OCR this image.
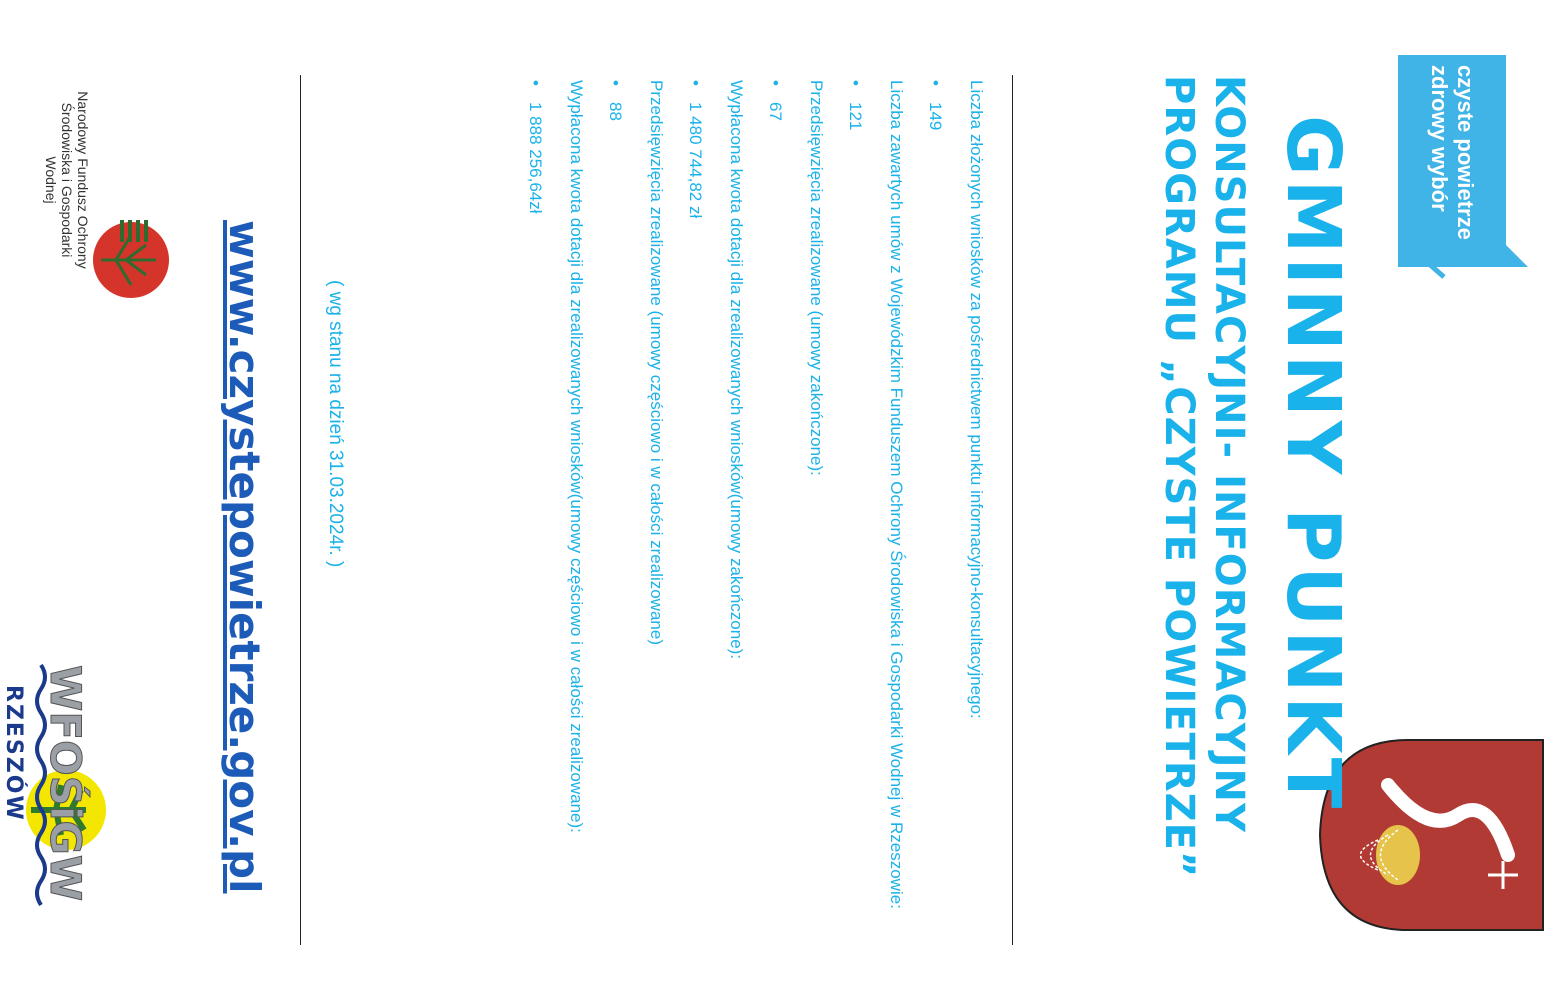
czyste powietrze
zdrowy wybór
GMINNY PUNKT
KONSULTACYJNI- INFORMACYJNY
PROGRAMU „CZYSTE POWIETRZE”
Liczba złożonych wniosków za pośrednictwem punktu informacyjno-konsultacyjnego:
• 149
Liczba zawartych umów z Wojewódzkim Funduszem Ochrony Środowiska i Gospodarki Wodnej w Rzeszowie:
• 121
Przedsięwzięcia zrealizowane (umowy zakończone):
• 67
Wypłacona kwota dotacji dla zrealizowanych wniosków(umowy zakończone):
• 1 480 744,82 zł
Przedsięwzięcia zrealizowane (umowy częściowo i w całości zrealizowane)
• 88
Wypłacona kwota dotacji dla zrealizowanych wniosków(umowy częściowo i w całości zrealizowane):
• 1 888 256,64zł
( wg stanu na dzień 31.03.2024r. )
www.czystepowietrze.gov.pl
Narodowy Fundusz Ochrony Środowiska i Gospodarki Wodnej
WFOŚiGW
RZESZÓW
